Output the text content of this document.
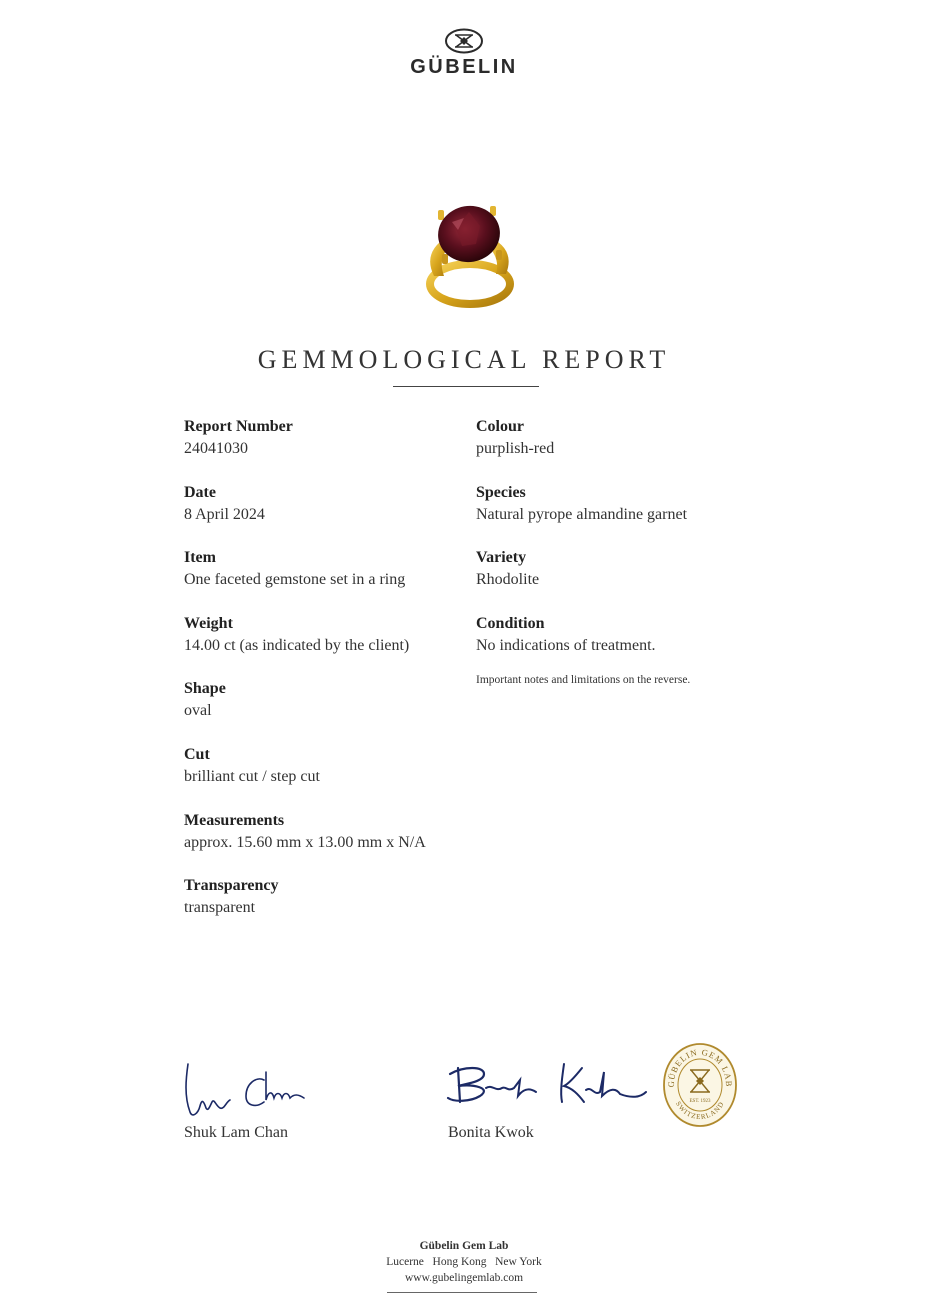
GÜBELIN
GEMMOLOGICAL REPORT
Report Number
24041030
Date
8 April 2024
Item
One faceted gemstone set in a ring
Weight
14.00 ct (as indicated by the client)
Shape
oval
Cut
brilliant cut / step cut
Measurements
approx. 15.60 mm x 13.00 mm x N/A
Transparency
transparent
Colour
purplish-red
Species
Natural pyrope almandine garnet
Variety
Rhodolite
Condition
No indications of treatment.
Important notes and limitations on the reverse.
Shuk Lam Chan	Bonita Kwok
GÜBELIN GEM LAB
SWITZERLAND
EST. 1923
Gübelin Gem Lab
Lucerne   Hong Kong   New York
www.gubelingemlab.com
